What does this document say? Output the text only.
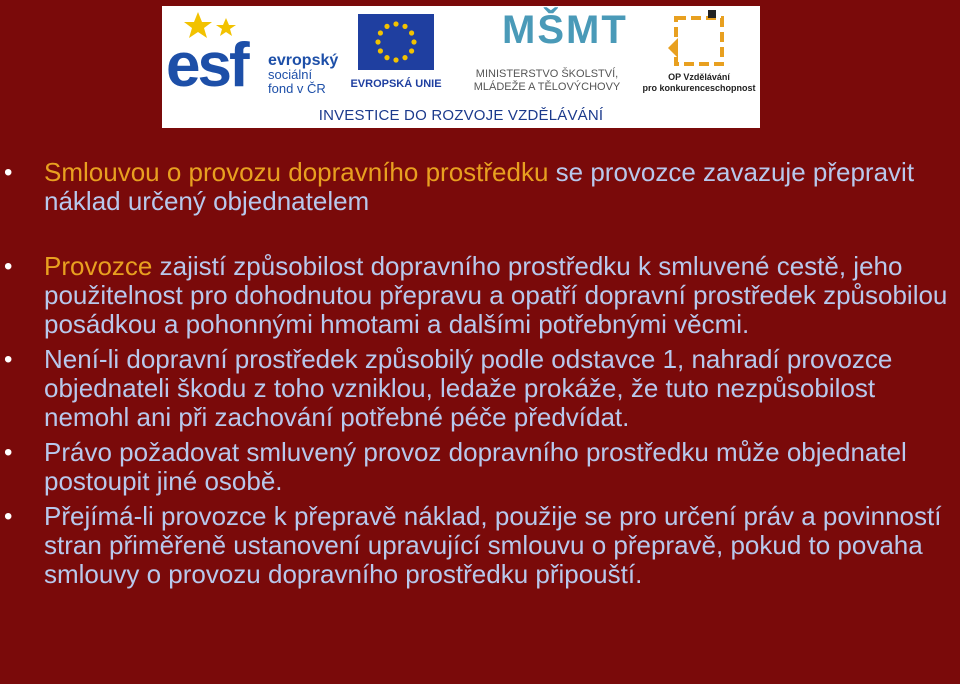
esf evropský
sociální
fond v ČR	EVROPSKÁ UNIE
MŠMT
MINISTERSTVO ŠKOLSTVÍ,
MLÁDEŽE A TĚLOVÝCHOVY
OP Vzdělávání
pro konkurenceschopnost
INVESTICE DO ROZVOJE VZDĚLÁVÁNÍ
• Smlouvou o provozu dopravního prostředku se provozce zavazuje přepravit náklad určený objednatelem
• Provozce zajistí způsobilost dopravního prostředku k smluvené cestě, jeho použitelnost pro dohodnutou přepravu a opatří dopravní prostředek způsobilou posádkou a pohonnými hmotami a dalšími potřebnými věcmi.
• Není-li dopravní prostředek způsobilý podle odstavce 1, nahradí provozce objednateli škodu z toho vzniklou, ledaže prokáže, že tuto nezpůsobilost nemohl ani při zachování potřebné péče předvídat.
• Právo požadovat smluvený provoz dopravního prostředku může objednatel postoupit jiné osobě.
• Přejímá-li provozce k přepravě náklad, použije se pro určení práv a povinností stran přiměřeně ustanovení upravující smlouvu o přepravě, pokud to povaha smlouvy o provozu dopravního prostředku připouští.
